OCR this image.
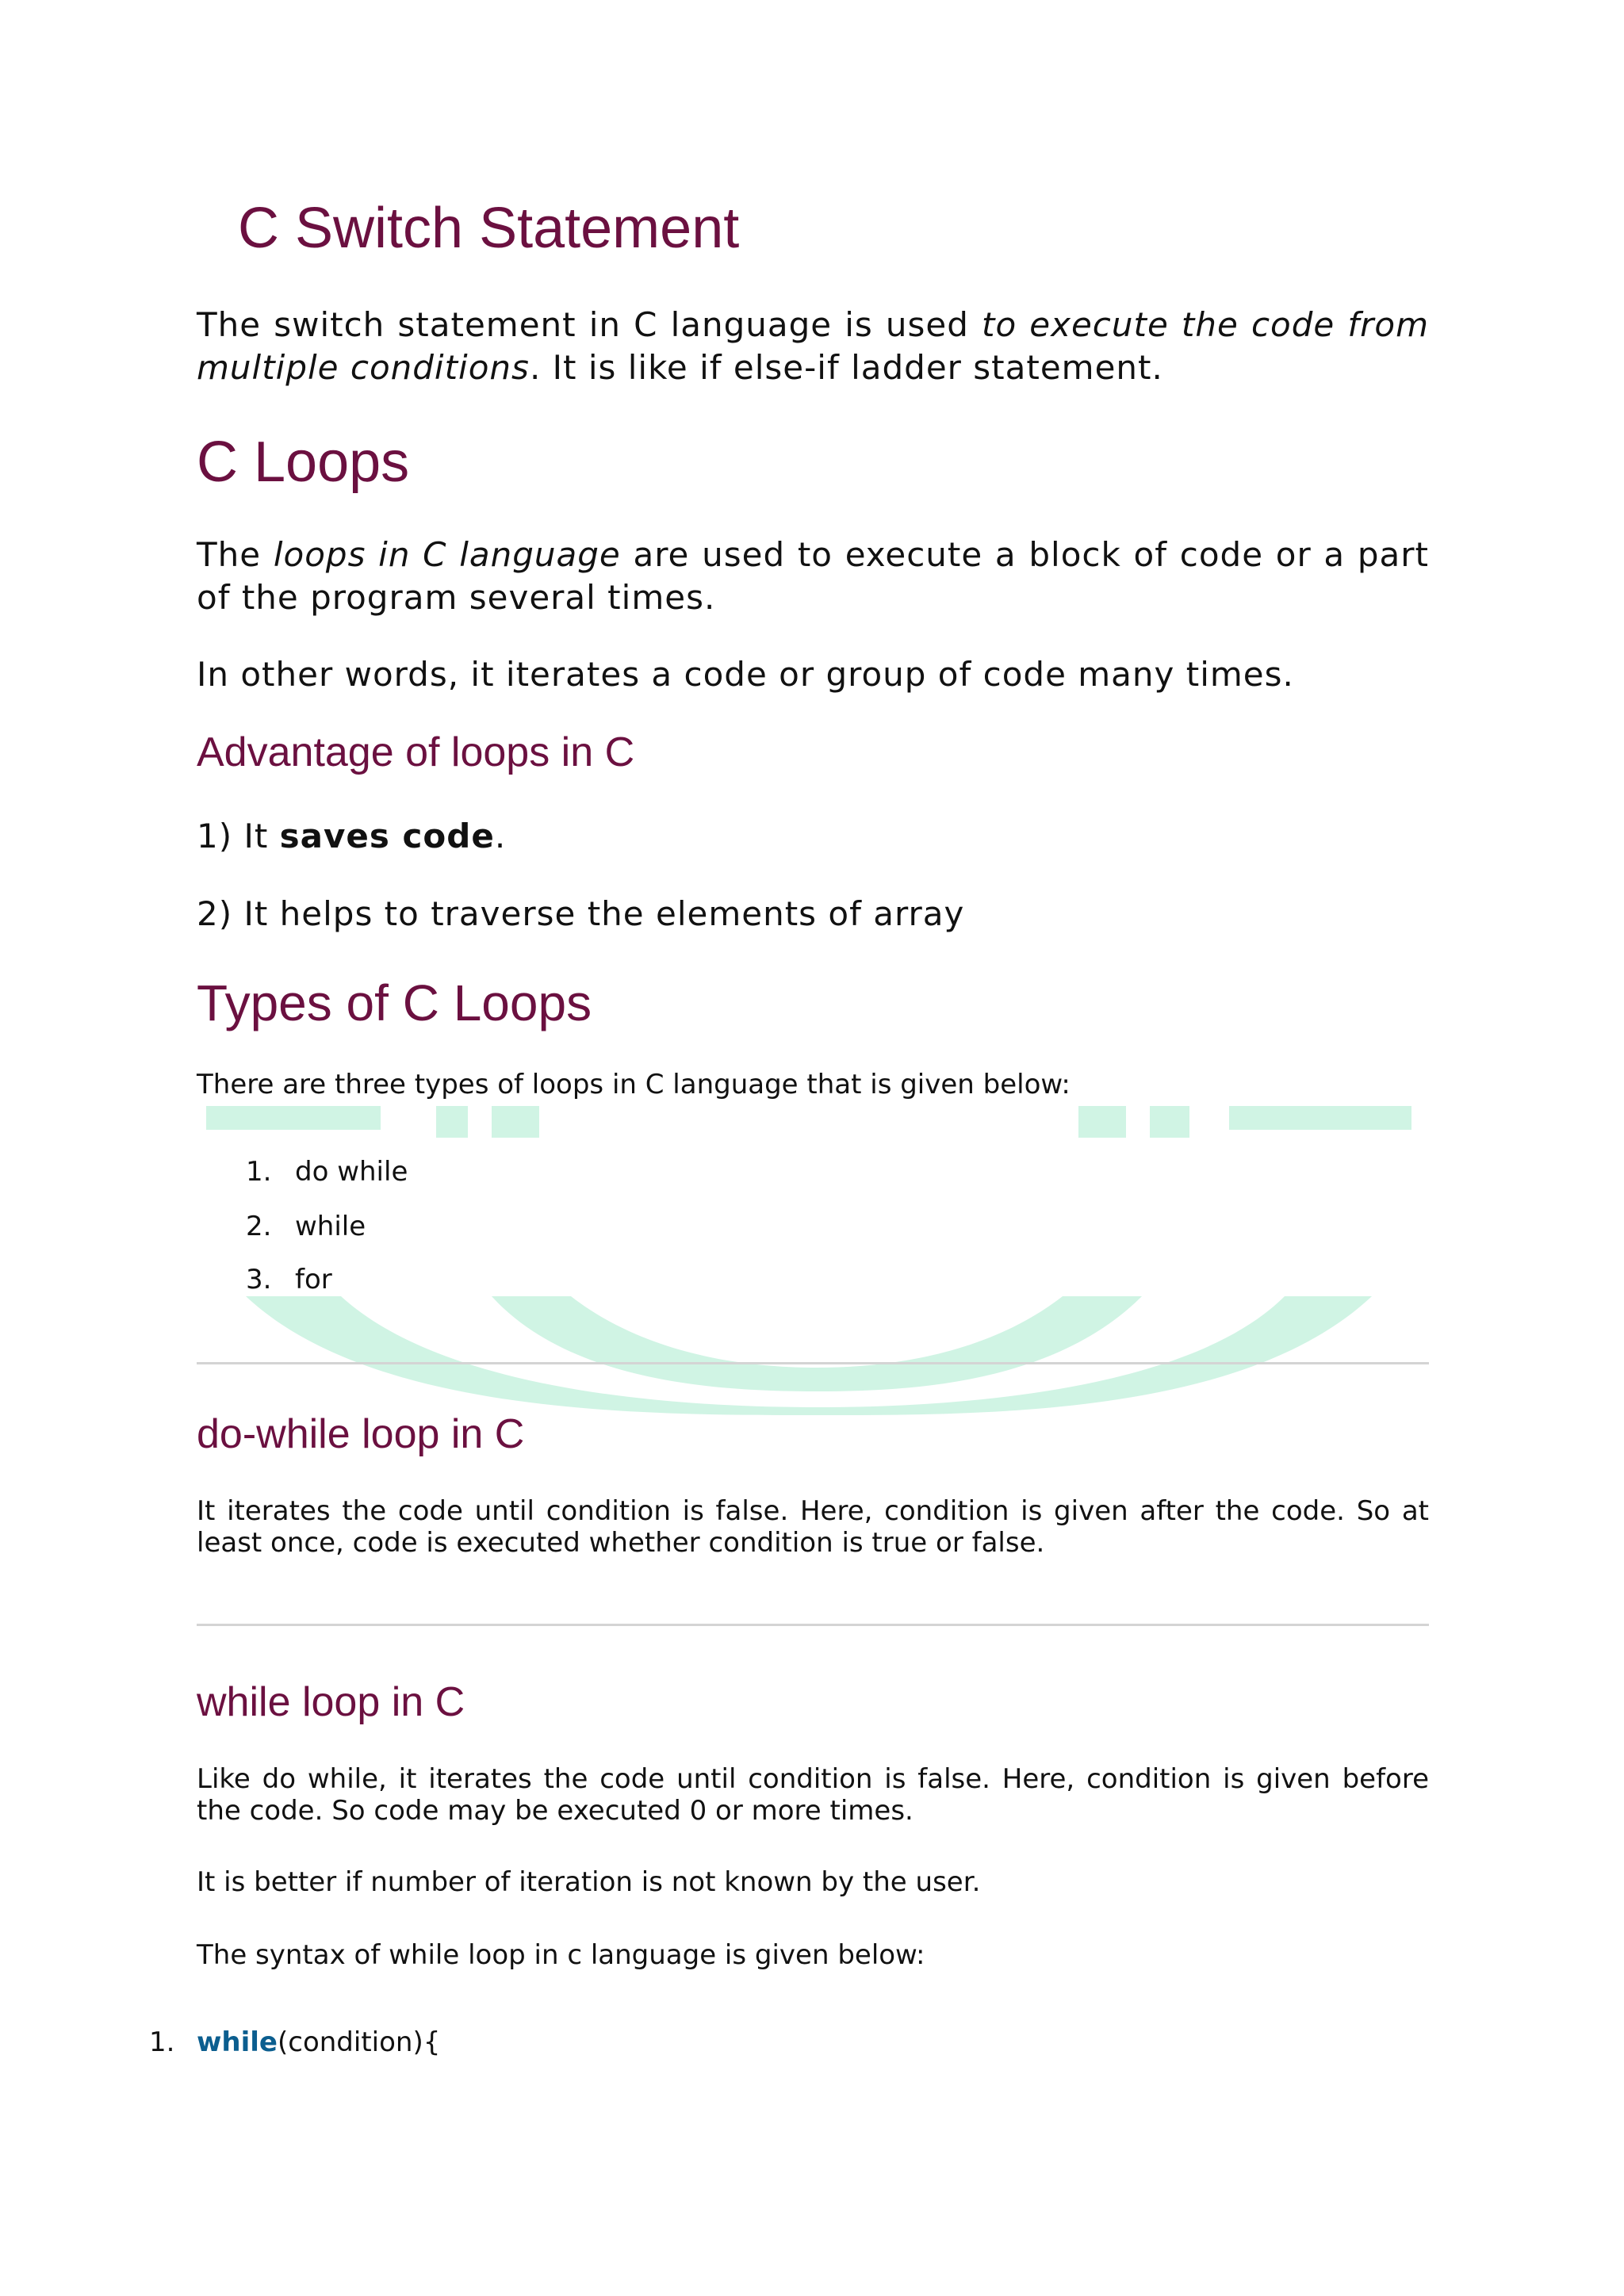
C Switch Statement

The switch statement in C language is used to execute the code from multiple conditions. It is like if else-if ladder statement.

C Loops

The loops in C language are used to execute a block of code or a part of the program several times.

In other words, it iterates a code or group of code many times.

Advantage of loops in C

1) It saves code.

2) It helps to traverse the elements of array

Types of C Loops

There are three types of loops in C language that is given below:

1. do while
2. while
3. for
do-while loop in C

It iterates the code until condition is false. Here, condition is given after the code. So at least once, code is executed whether condition is true or false.

while loop in C

Like do while, it iterates the code until condition is false. Here, condition is given before the code. So code may be executed 0 or more times.

It is better if number of iteration is not known by the user.

The syntax of while loop in c language is given below:

1. while(condition){
